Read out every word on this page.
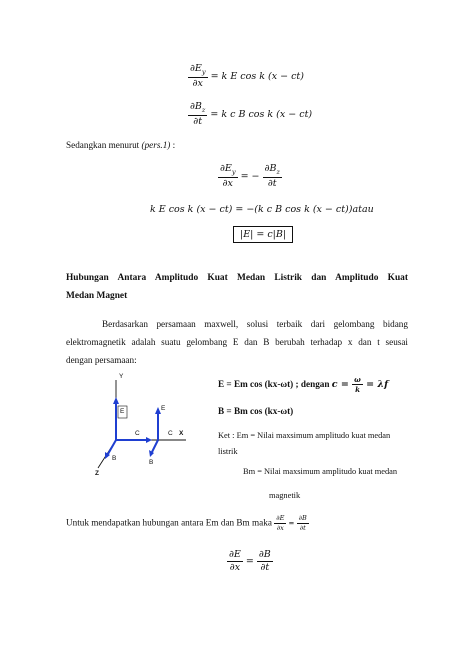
$\frac{\partial E_y}{\partial x} = k$ E cos k (x − ct)
$\frac{\partial B_z}{\partial t} = k$ c B cos k (x − ct)
Sedangkan menurut (pers.1) :
$\frac{\partial E_y}{\partial x}$ = − $\frac{\partial B_z}{\partial t}$
k E cos k (x − ct) = −(k c B cos k (x − ct))atau
|E| = c|B|
Hubungan Antara Amplitudo Kuat Medan Listrik dan Amplitudo Kuat
Medan Magnet
Berdasarkan persamaan maxwell, solusi terbaik dari gelombang bidang
elektromagnetik adalah suatu gelombang E dan B berubah terhadap x dan t seusai
dengan persamaan:
Y
E	E
C	C X
B
B
Z
E = Em cos (kx-ωt) ; dengan $c = \frac{\omega}{k} = \lambda f$
B = Bm cos (kx-ωt)
Ket : Em = Nilai maxsimum amplitudo kuat medan
listrik
Bm = Nilai maxsimum amplitudo kuat medan
magnetik
Untuk mendapatkan hubungan antara Em dan Bm maka $\frac{\partial E}{\partial x} = \frac{\partial B}{\partial t}$
$\frac{\partial E}{\partial x} = \frac{\partial B}{\partial t}$
